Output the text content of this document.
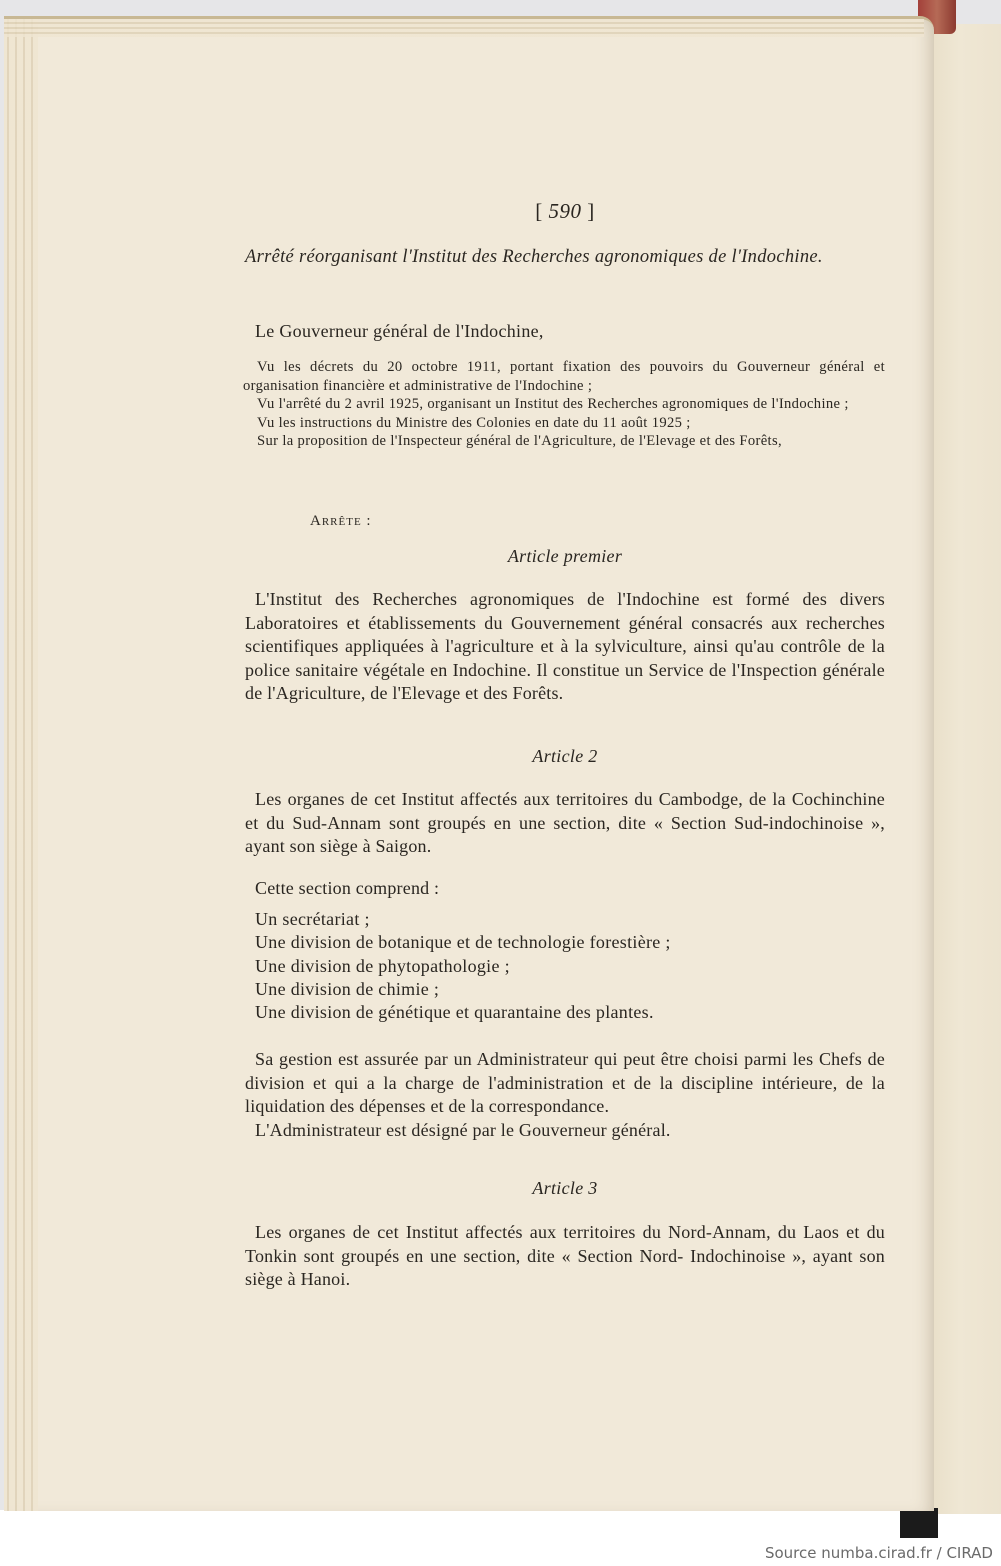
[ 590 ]
Arrêté réorganisant l'Institut des Recherches agronomiques de l'Indochine.
Le Gouverneur général de l'Indochine,
Vu les décrets du 20 octobre 1911, portant fixation des pouvoirs du Gouverneur général et organisation financière et administrative de l'Indochine ;
Vu l'arrêté du 2 avril 1925, organisant un Institut des Recherches agronomiques de l'Indochine ;
Vu les instructions du Ministre des Colonies en date du 11 août 1925 ;
Sur la proposition de l'Inspecteur général de l'Agriculture, de l'Elevage et des Forêts,
Arrête :
Article premier
L'Institut des Recherches agronomiques de l'Indochine est formé des divers Laboratoires et établissements du Gouvernement général consacrés aux recherches scientifiques appliquées à l'agriculture et à la sylviculture, ainsi qu'au contrôle de la police sanitaire végétale en Indochine. Il constitue un Service de l'Inspection générale de l'Agriculture, de l'Elevage et des Forêts.
Article 2
Les organes de cet Institut affectés aux territoires du Cambodge, de la Cochinchine et du Sud-Annam sont groupés en une section, dite « Section Sud-indochinoise », ayant son siège à Saigon.
Cette section comprend :
Un secrétariat ;
Une division de botanique et de technologie forestière ;
Une division de phytopathologie ;
Une division de chimie ;
Une division de génétique et quarantaine des plantes.
Sa gestion est assurée par un Administrateur qui peut être choisi parmi les Chefs de division et qui a la charge de l'administration et de la discipline intérieure, de la liquidation des dépenses et de la correspondance.
L'Administrateur est désigné par le Gouverneur général.
Article 3
Les organes de cet Institut affectés aux territoires du Nord-Annam, du Laos et du Tonkin sont groupés en une section, dite « Section Nord- Indochinoise », ayant son siège à Hanoi.
Source numba.cirad.fr / CIRAD
